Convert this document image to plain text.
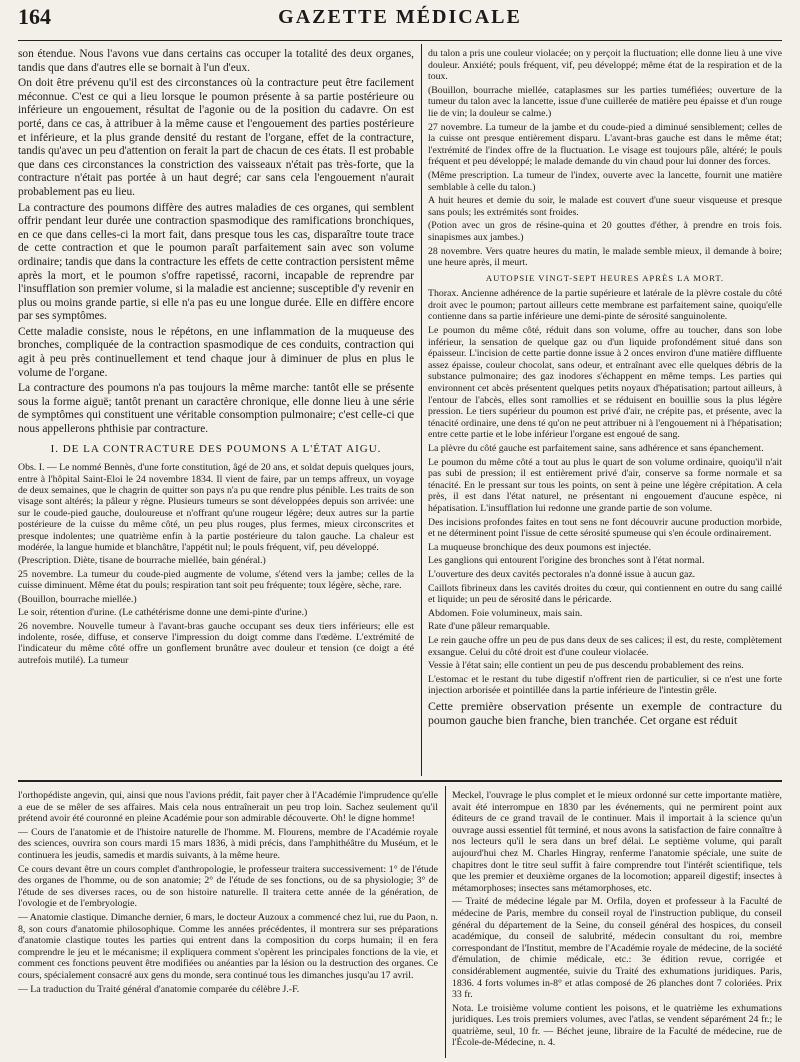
164	GAZETTE MÉDICALE

son étendue. Nous l'avons vue dans certains cas occuper la totalité des deux organes, tandis que dans d'autres elle se bornait à l'un d'eux.

On doit être prévenu qu'il est des circonstances où la contracture peut être facilement méconnue. C'est ce qui a lieu lorsque le poumon présente à sa partie postérieure ou inférieure un engouement, résultat de l'agonie ou de la position du cadavre. On est porté, dans ce cas, à attribuer à la même cause et l'engouement des parties postérieure et inférieure, et la plus grande densité du restant de l'organe, effet de la contracture, tandis qu'avec un peu d'attention on ferait la part de chacun de ces états. Il est probable que dans ces circonstances la constriction des vaisseaux n'était pas très-forte, que la contracture n'était pas portée à un haut degré; car sans cela l'engouement n'aurait probablement pas eu lieu.

La contracture des poumons diffère des autres maladies de ces organes, qui semblent offrir pendant leur durée une contraction spasmodique des ramifications bronchiques, en ce que dans celles-ci la mort fait, dans presque tous les cas, disparaître toute trace de cette contraction et que le poumon paraît parfaitement sain avec son volume ordinaire; tandis que dans la contracture les effets de cette contraction persistent même après la mort, et le poumon s'offre rapetissé, racorni, incapable de reprendre par l'insufflation son premier volume, si la maladie est ancienne; susceptible d'y revenir en plus ou moins grande partie, si elle n'a pas eu une longue durée. Elle en diffère encore par ses symptômes.

Cette maladie consiste, nous le répétons, en une inflammation de la muqueuse des bronches, compliquée de la contraction spasmodique de ces conduits, contraction qui agit à peu près continuellement et tend chaque jour à diminuer de plus en plus le volume de l'organe.

La contracture des poumons n'a pas toujours la même marche: tantôt elle se présente sous la forme aiguë; tantôt prenant un caractère chronique, elle donne lieu à une série de symptômes qui constituent une véritable consomption pulmonaire; c'est celle-ci que nous appellerons phthisie par contracture.

I. DE LA CONTRACTURE DES POUMONS A L'ÉTAT AIGU.

Obs. I. — Le nommé Bennès, d'une forte constitution, âgé de 20 ans, et soldat depuis quelques jours, entre à l'hôpital Saint-Eloi le 24 novembre 1834. Il vient de faire, par un temps affreux, un voyage de deux semaines, que le chagrin de quitter son pays n'a pu que rendre plus pénible. Les traits de son visage sont altérés; la pâleur y règne. Plusieurs tumeurs se sont développées depuis son arrivée: une sur le coude-pied gauche, douloureuse et n'offrant qu'une rougeur légère; deux autres sur la partie postérieure de la cuisse du même côté, un peu plus rouges, plus fermes, mieux circonscrites et presque indolentes; une quatrième enfin à la partie postérieure du talon gauche. La chaleur est modérée, la langue humide et blanchâtre, l'appétit nul; le pouls fréquent, vif, peu développé.

(Prescription. Diète, tisane de bourrache miellée, bain général.)

25 novembre. La tumeur du coude-pied augmente de volume, s'étend vers la jambe; celles de la cuisse diminuent. Même état du pouls; respiration tant soit peu fréquente; toux légère, sèche, rare.

(Bouillon, bourrache miellée.)

Le soir, rétention d'urine. (Le cathétérisme donne une demi-pinte d'urine.)

26 novembre. Nouvelle tumeur à l'avant-bras gauche occupant ses deux tiers inférieurs; elle est indolente, rosée, diffuse, et conserve l'impression du doigt comme dans l'œdème. L'extrémité de l'indicateur du même côté offre un gonflement brunâtre avec douleur et tension (ce doigt a été autrefois mutilé). La tumeur

du talon a pris une couleur violacée; on y perçoit la fluctuation; elle donne lieu à une vive douleur. Anxiété; pouls fréquent, vif, peu développé; même état de la respiration et de la toux.

(Bouillon, bourrache miellée, cataplasmes sur les parties tuméfiées; ouverture de la tumeur du talon avec la lancette, issue d'une cuillerée de matière peu épaisse et d'un rouge lie de vin; la douleur se calme.)

27 novembre. La tumeur de la jambe et du coude-pied a diminué sensiblement; celles de la cuisse ont presque entièrement disparu. L'avant-bras gauche est dans le même état; l'extrémité de l'index offre de la fluctuation. Le visage est toujours pâle, altéré; le pouls fréquent et peu développé; le malade demande du vin chaud pour lui donner des forces.

(Même prescription. La tumeur de l'index, ouverte avec la lancette, fournit une matière semblable à celle du talon.)

A huit heures et demie du soir, le malade est couvert d'une sueur visqueuse et presque sans pouls; les extrémités sont froides.

(Potion avec un gros de résine-quina et 20 gouttes d'éther, à prendre en trois fois. sinapismes aux jambes.)

28 novembre. Vers quatre heures du matin, le malade semble mieux, il demande à boire; une heure après, il meurt.

AUTOPSIE VINGT-SEPT HEURES APRÈS LA MORT.

Thorax. Ancienne adhérence de la partie supérieure et latérale de la plèvre costale du côté droit avec le poumon; partout ailleurs cette membrane est parfaitement saine, quoiqu'elle contienne dans sa partie inférieure une demi-pinte de sérosité sanguinolente.

Le poumon du même côté, réduit dans son volume, offre au toucher, dans son lobe inférieur, la sensation de quelque gaz ou d'un liquide profondément situé dans son épaisseur. L'incision de cette partie donne issue à 2 onces environ d'une matière diffluente assez épaisse, couleur chocolat, sans odeur, et entraînant avec elle quelques débris de la substance pulmonaire; des gaz inodores s'échappent en même temps. Les parties qui environnent cet abcès présentent quelques petits noyaux d'hépatisation; partout ailleurs, à l'entour de l'abcès, elles sont ramollies et se réduisent en bouillie sous la plus légère pression. Le tiers supérieur du poumon est privé d'air, ne crépite pas, et présente, avec la ténacité ordinaire, une dens té qu'on ne peut attribuer ni à l'engouement ni à l'hépatisation; entre cette partie et le lobe inférieur l'organe est engoué de sang.

La plèvre du côté gauche est parfaitement saine, sans adhérence et sans épanchement.

Le poumon du même côté a tout au plus le quart de son volume ordinaire, quoiqu'il n'ait pas subi de pression; il est entièrement privé d'air, conserve sa forme normale et sa ténacité. En le pressant sur tous les points, on sent à peine une légère crépitation. A cela près, il est dans l'état naturel, ne présentant ni engouement d'aucune espèce, ni hépatisation. L'insufflation lui redonne une grande partie de son volume.

Des incisions profondes faites en tout sens ne font découvrir aucune production morbide, et ne déterminent point l'issue de cette sérosité spumeuse qui s'en écoule ordinairement.

La muqueuse bronchique des deux poumons est injectée.

Les ganglions qui entourent l'origine des bronches sont à l'état normal.

L'ouverture des deux cavités pectorales n'a donné issue à aucun gaz.

Caillots fibrineux dans les cavités droites du cœur, qui contiennent en outre du sang caillé et liquide; un peu de sérosité dans le péricarde.

Abdomen. Foie volumineux, mais sain.

Rate d'une pâleur remarquable.

Le rein gauche offre un peu de pus dans deux de ses calices; il est, du reste, complètement exsangue. Celui du côté droit est d'une couleur violacée.

Vessie à l'état sain; elle contient un peu de pus descendu probablement des reins.

L'estomac et le restant du tube digestif n'offrent rien de particulier, si ce n'est une forte injection arborisée et pointillée dans la partie inférieure de l'intestin grêle.

Cette première observation présente un exemple de contracture du poumon gauche bien franche, bien tranchée. Cet organe est réduit

l'orthopédiste angevin, qui, ainsi que nous l'avions prédit, fait payer cher à l'Académie l'imprudence qu'elle a eue de se mêler de ses affaires. Mais cela nous entraînerait un peu trop loin. Sachez seulement qu'il prétend avoir été couronné en pleine Académie pour son admirable découverte. Oh! le digne homme!

— Cours de l'anatomie et de l'histoire naturelle de l'homme. M. Flourens, membre de l'Académie royale des sciences, ouvrira son cours mardi 15 mars 1836, à midi précis, dans l'amphithéâtre du Muséum, et le continuera les jeudis, samedis et mardis suivants, à la même heure.

Ce cours devant être un cours complet d'anthropologie, le professeur traitera successivement: 1° de l'étude des organes de l'homme, ou de son anatomie; 2° de l'étude de ses fonctions, ou de sa physiologie; 3° de l'étude de ses diverses races, ou de son histoire naturelle. Il traitera cette année de la génération, de l'ovologie et de l'embryologie.

— Anatomie clastique. Dimanche dernier, 6 mars, le docteur Auzoux a commencé chez lui, rue du Paon, n. 8, son cours d'anatomie philosophique. Comme les années précédentes, il montrera sur ses préparations d'anatomie clastique toutes les parties qui entrent dans la composition du corps humain; il en fera comprendre le jeu et le mécanisme; il expliquera comment s'opèrent les principales fonctions de la vie, et comment ces fonctions peuvent être modifiées ou anéanties par la lésion ou la destruction des organes. Ce cours, spécialement consacré aux gens du monde, sera continué tous les dimanches jusqu'au 17 avril.

— La traduction du Traité général d'anatomie comparée du célèbre J.-F.

Meckel, l'ouvrage le plus complet et le mieux ordonné sur cette importante matière, avait été interrompue en 1830 par les événements, qui ne permirent point aux éditeurs de ce grand travail de le continuer. Mais il importait à la science qu'un ouvrage aussi essentiel fût terminé, et nous avons la satisfaction de faire connaître à nos lecteurs qu'il le sera dans un bref délai. Le septième volume, qui paraît aujourd'hui chez M. Charles Hingray, renferme l'anatomie spéciale, une suite de chapitres dont le titre seul suffit à faire comprendre tout l'intérêt scientifique, tels que les premier et deuxième organes de la locomotion; appareil digestif; insectes à métamorphoses; insectes sans métamorphoses, etc.

— Traité de médecine légale par M. Orfila, doyen et professeur à la Faculté de médecine de Paris, membre du conseil royal de l'instruction publique, du conseil général du département de la Seine, du conseil général des hospices, du conseil académique, du conseil de salubrité, médecin consultant du roi, membre correspondant de l'Institut, membre de l'Académie royale de médecine, de la société d'émulation, de chimie médicale, etc.: 3e édition revue, corrigée et considérablement augmentée, suivie du Traité des exhumations juridiques. Paris, 1836. 4 forts volumes in-8° et atlas composé de 26 planches dont 7 coloriées. Prix 33 fr.

Nota. Le troisième volume contient les poisons, et le quatrième les exhumations juridiques. Les trois premiers volumes, avec l'atlas, se vendent séparément 24 fr.; le quatrième, seul, 10 fr. — Béchet jeune, libraire de la Faculté de médecine, rue de l'École-de-Médecine, n. 4.
